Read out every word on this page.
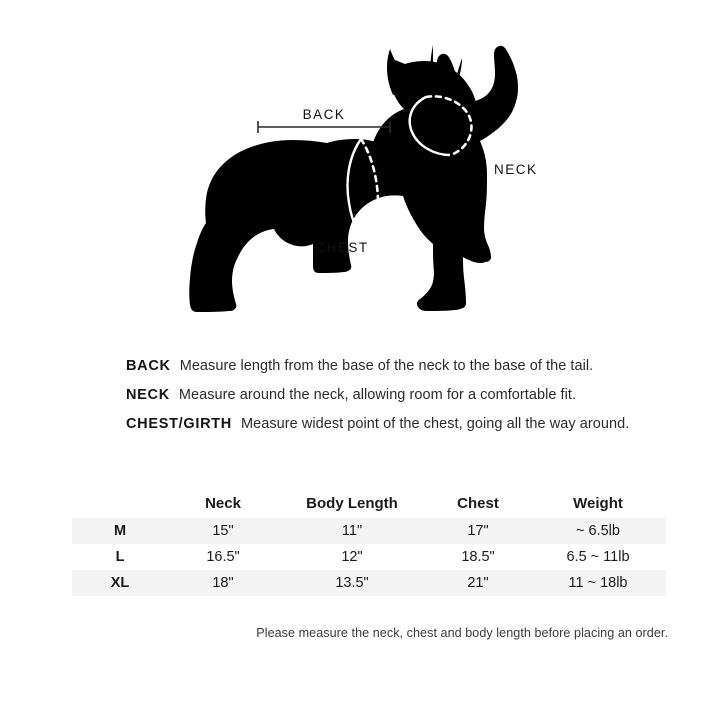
BACK
NECK
CHEST
BACK Measure length from the base of the neck to the base of the tail.
NECK Measure around the neck, allowing room for a comfortable fit.
CHEST/GIRTH Measure widest point of the chest, going all the way around.
	Neck	Body Length	Chest	Weight
M	15"	11"	17"	~ 6.5lb
L	16.5"	12"	18.5"	6.5 ~ 11lb
XL	18"	13.5"	21"	11 ~ 18lb
Please measure the neck, chest and body length before placing an order.
